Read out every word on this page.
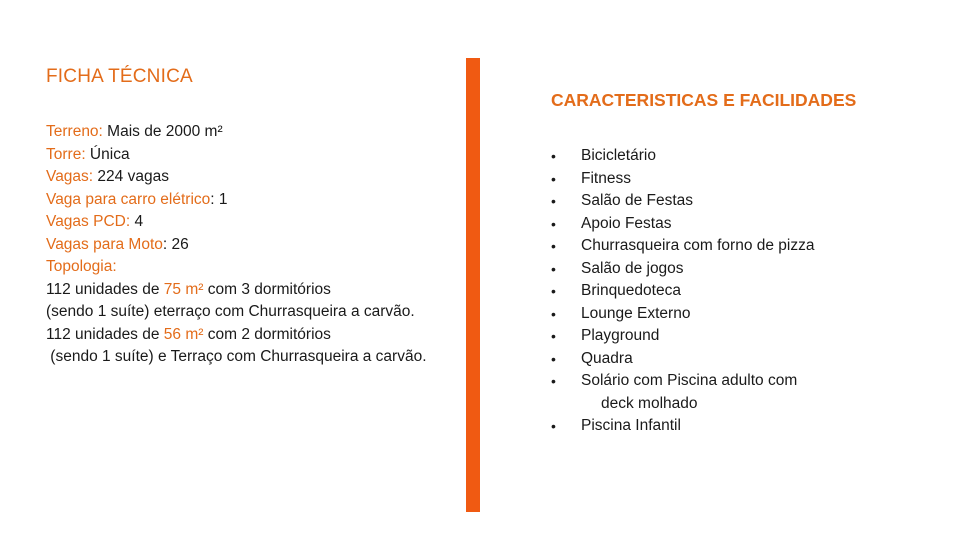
FICHA TÉCNICA
Terreno: Mais de 2000 m²
Torre: Única
Vagas: 224 vagas
Vaga para carro elétrico: 1
Vagas PCD: 4
Vagas para Moto: 26
Topologia:
112 unidades de 75 m² com 3 dormitórios
(sendo 1 suíte) eterraço com Churrasqueira a carvão.
112 unidades de 56 m² com 2 dormitórios
(sendo 1 suíte) e Terraço com Churrasqueira a carvão.
CARACTERISTICAS E FACILIDADES
• Bicicletário
• Fitness
• Salão de Festas
• Apoio Festas
• Churrasqueira com forno de pizza
• Salão de jogos
• Brinquedoteca
• Lounge Externo
• Playground
• Quadra
• Solário com Piscina adulto com
deck molhado
• Piscina Infantil
